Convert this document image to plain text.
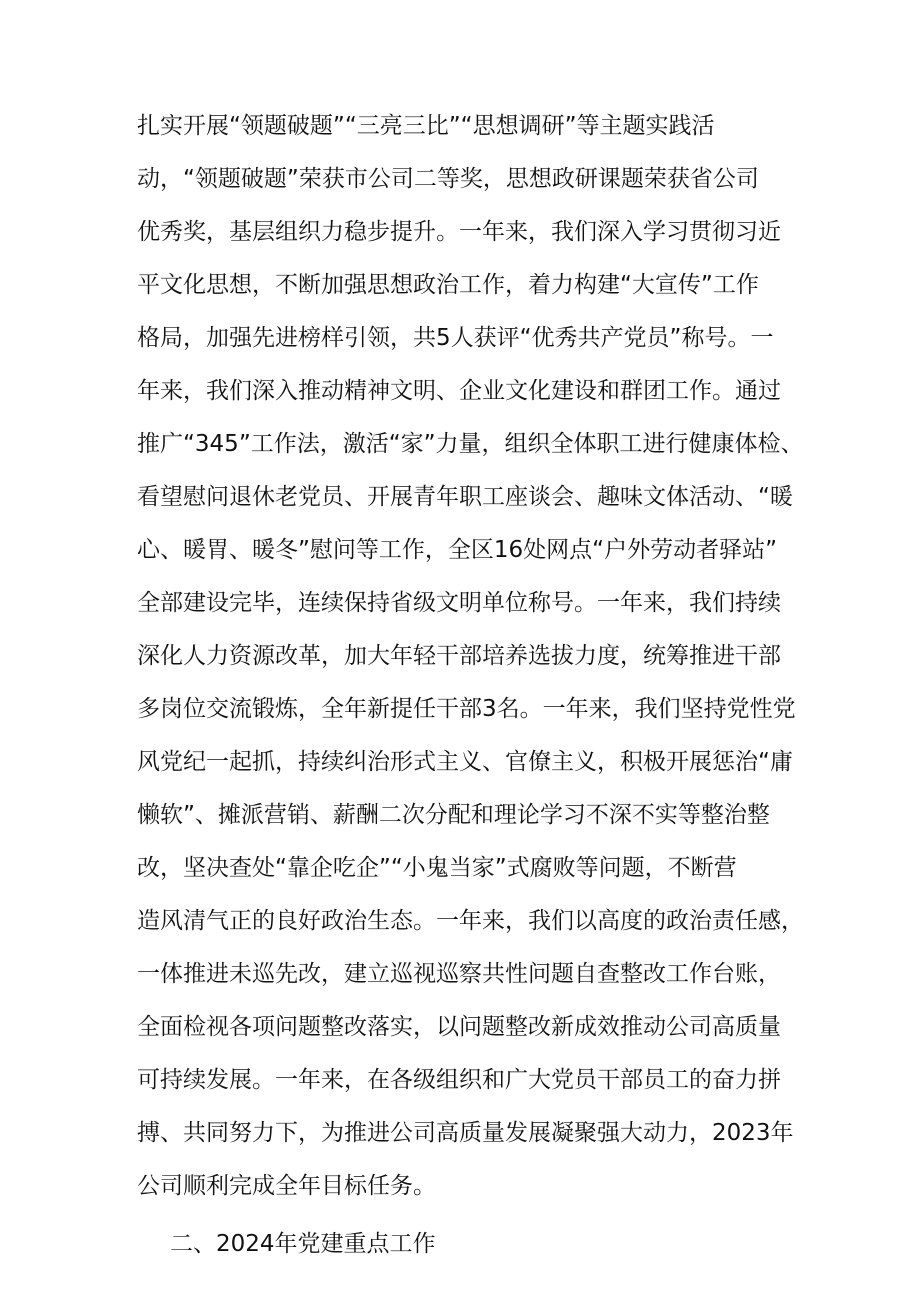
扎实开展“领题破题”“三亮三比”“思想调研”等主题实践活
动，“领题破题”荣获市公司二等奖，思想政研课题荣获省公司
优秀奖，基层组织力稳步提升。一年来，我们深入学习贯彻习近
平文化思想，不断加强思想政治工作，着力构建“大宣传”工作
格局，加强先进榜样引领，共5人获评“优秀共产党员”称号。一
年来，我们深入推动精神文明、企业文化建设和群团工作。通过
推广“345”工作法，激活“家”力量，组织全体职工进行健康体检、
看望慰问退休老党员、开展青年职工座谈会、趣味文体活动、“暖
心、暖胃、暖冬”慰问等工作，全区16处网点“户外劳动者驿站”
全部建设完毕，连续保持省级文明单位称号。一年来，我们持续
深化人力资源改革，加大年轻干部培养选拔力度，统筹推进干部
多岗位交流锻炼，全年新提任干部3名。一年来，我们坚持党性党
风党纪一起抓，持续纠治形式主义、官僚主义，积极开展惩治“庸
懒软”、摊派营销、薪酬二次分配和理论学习不深不实等整治整
改，坚决查处“靠企吃企”“小鬼当家”式腐败等问题，不断营
造风清气正的良好政治生态。一年来，我们以高度的政治责任感，
一体推进未巡先改，建立巡视巡察共性问题自查整改工作台账，
全面检视各项问题整改落实，以问题整改新成效推动公司高质量
可持续发展。一年来，在各级组织和广大党员干部员工的奋力拼
搏、共同努力下，为推进公司高质量发展凝聚强大动力，2023年
公司顺利完成全年目标任务。
二、2024年党建重点工作
